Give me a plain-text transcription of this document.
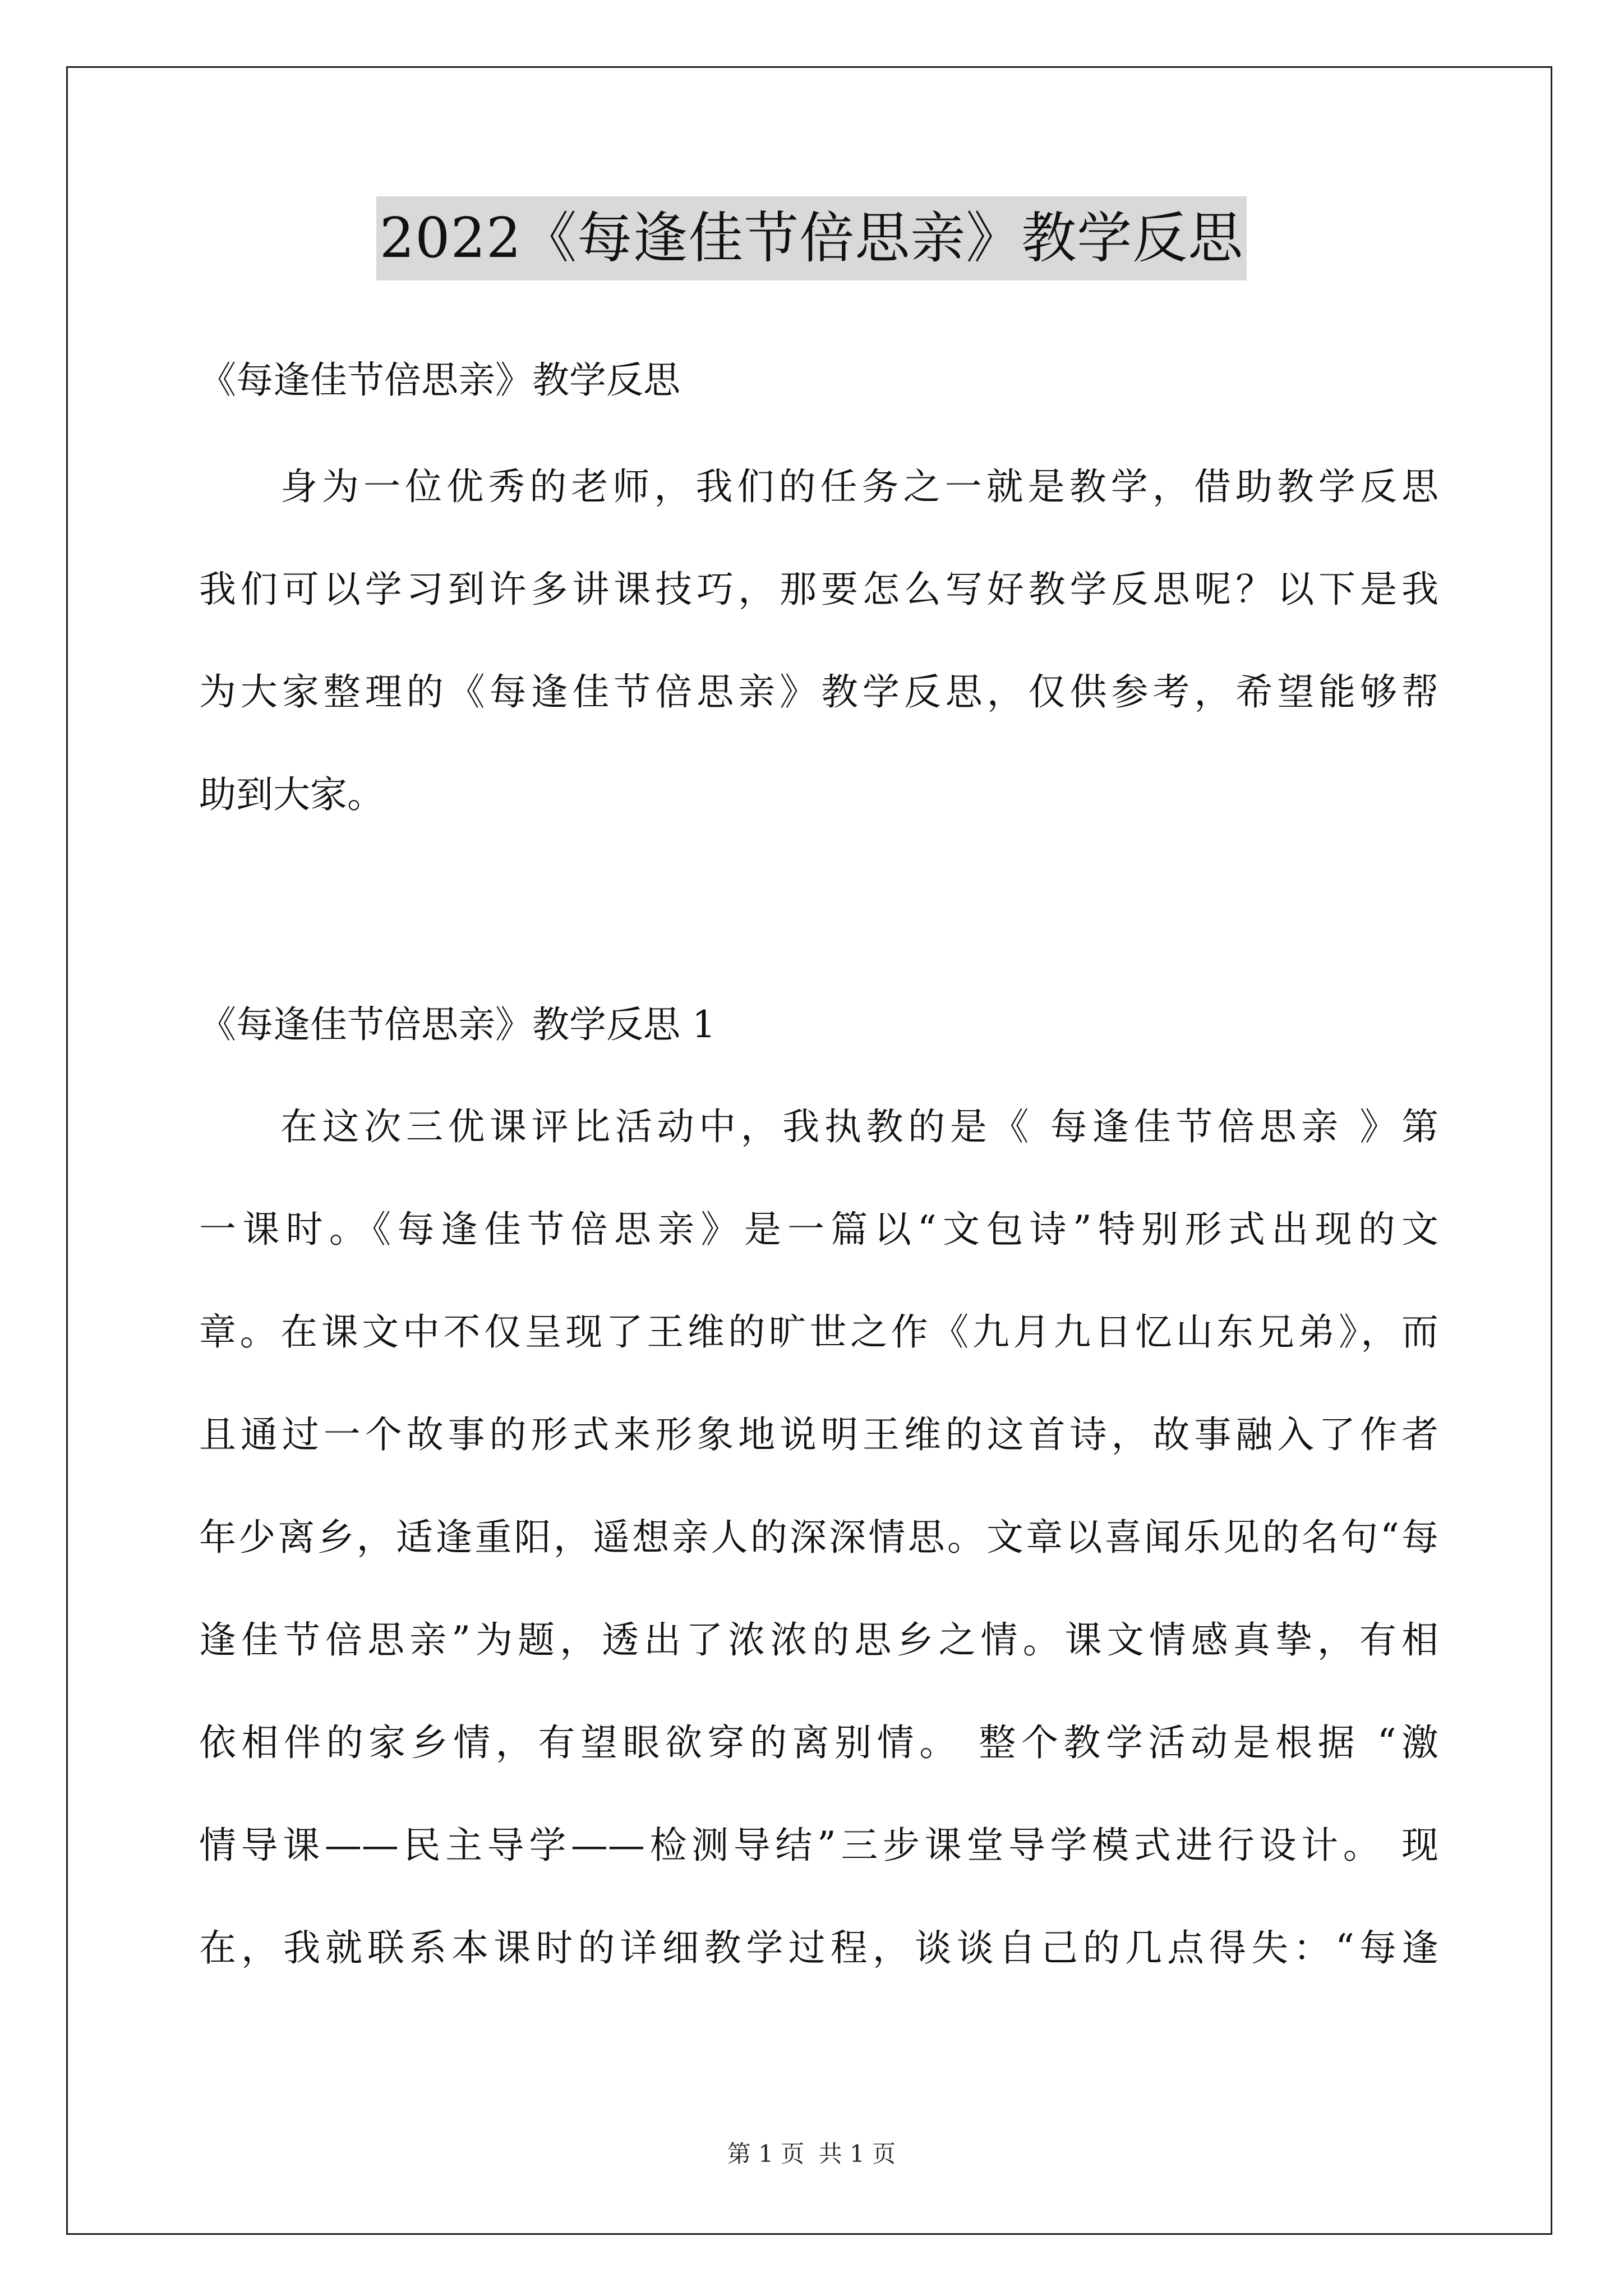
2022《每逢佳节倍思亲》教学反思
《每逢佳节倍思亲》教学反思
身为一位优秀的老师，我们的任务之一就是教学，借助教学反思
我们可以学习到许多讲课技巧，那要怎么写好教学反思呢？以下是我
为大家整理的《每逢佳节倍思亲》教学反思，仅供参考，希望能够帮
助到大家。
《每逢佳节倍思亲》教学反思 1
在这次三优课评比活动中，我执教的是《 每逢佳节倍思亲 》第
一课时。《每逢佳节倍思亲》是一篇以“文包诗”特别形式出现的文
章。在课文中不仅呈现了王维的旷世之作《九月九日忆山东兄弟》，而
且通过一个故事的形式来形象地说明王维的这首诗，故事融入了作者
年少离乡，适逢重阳，遥想亲人的深深情思。文章以喜闻乐见的名句“每
逢佳节倍思亲”为题，透出了浓浓的思乡之情。课文情感真挚，有相
依相伴的家乡情，有望眼欲穿的离别情。 整个教学活动是根据 “激
情导课——民主导学——检测导结”三步课堂导学模式进行设计。 现
在，我就联系本课时的详细教学过程，谈谈自己的几点得失：“每逢
第 1 页 共 1 页
